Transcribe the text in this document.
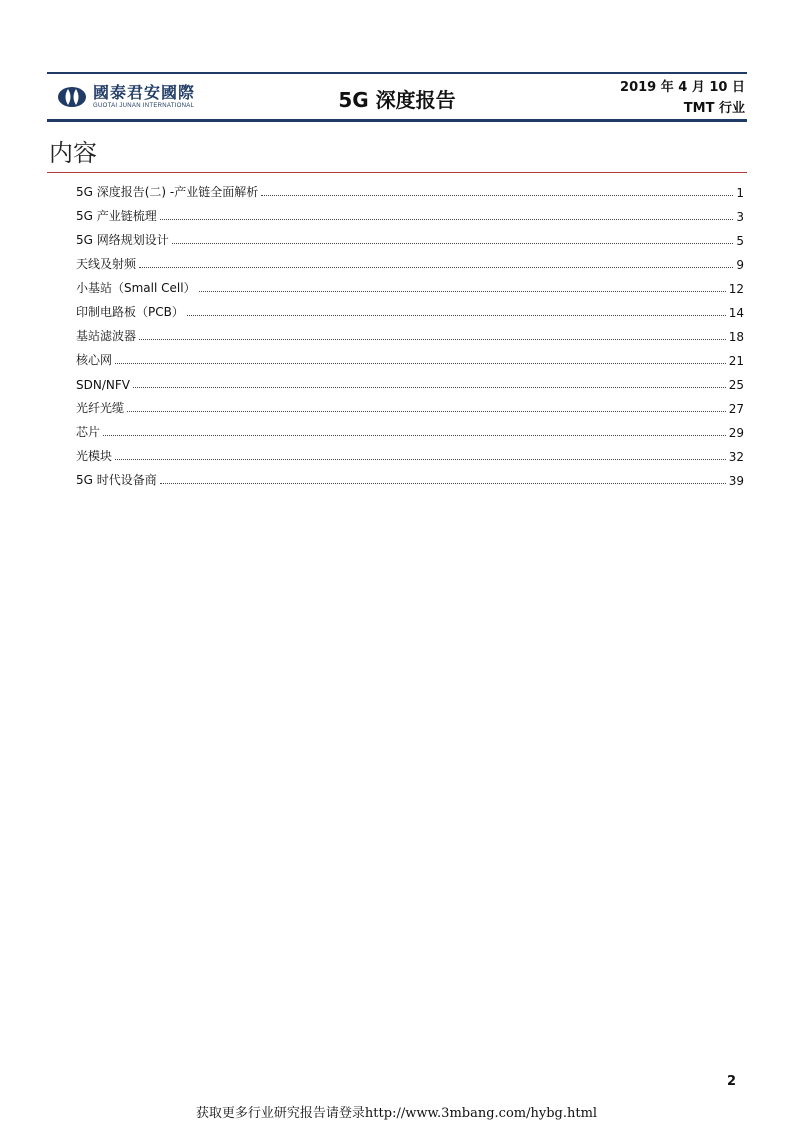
國泰君安國際
GUOTAI JUNAN INTERNATIONAL	5G 深度报告
2019 年 4 月 10 日
TMT 行业
内容
5G 深度报告(二) -产业链全面解析	1
5G 产业链梳理	3
5G 网络规划设计	5
天线及射频	9
小基站（Small Cell）	12
印制电路板（PCB）	14
基站滤波器	18
核心网	21
SDN/NFV	25
光纤光缆	27
芯片	29
光模块	32
5G 时代设备商	39
2
获取更多行业研究报告请登录http://www.3mbang.com/hybg.html
